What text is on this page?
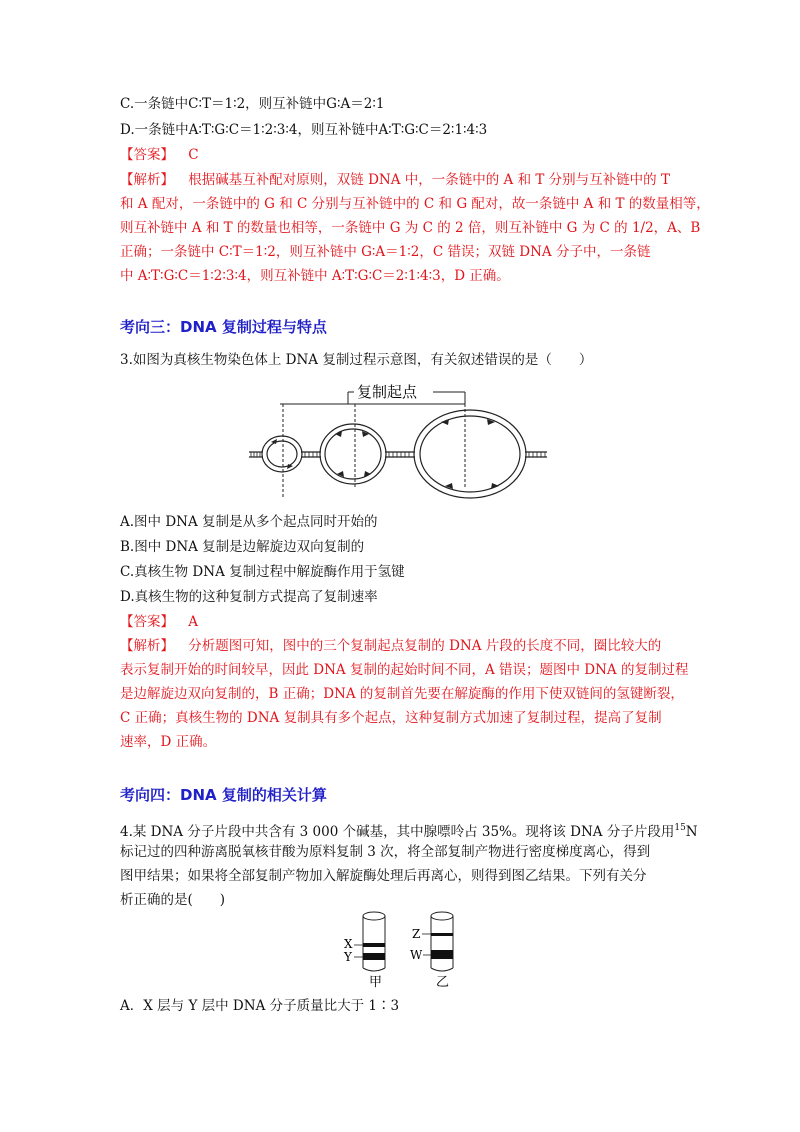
C.一条链中C∶T＝1∶2，则互补链中G∶A＝2∶1
D.一条链中A∶T∶G∶C＝1∶2∶3∶4，则互补链中A∶T∶G∶C＝2∶1∶4∶3
【答案】 C
【解析】 根据碱基互补配对原则，双链 DNA 中，一条链中的 A 和 T 分别与互补链中的 T
和 A 配对，一条链中的 G 和 C 分别与互补链中的 C 和 G 配对，故一条链中 A 和 T 的数量相等，
则互补链中 A 和 T 的数量也相等，一条链中 G 为 C 的 2 倍，则互补链中 G 为 C 的 1/2，A、B
正确；一条链中 C∶T＝1∶2，则互补链中 G∶A＝1∶2，C 错误；双链 DNA 分子中，一条链
中 A∶T∶G∶C＝1∶2∶3∶4，则互补链中 A∶T∶G∶C＝2∶1∶4∶3，D 正确。
考向三：DNA 复制过程与特点
3.如图为真核生物染色体上 DNA 复制过程示意图，有关叙述错误的是（　　）
复制起点
A.图中 DNA 复制是从多个起点同时开始的
B.图中 DNA 复制是边解旋边双向复制的
C.真核生物 DNA 复制过程中解旋酶作用于氢键
D.真核生物的这种复制方式提高了复制速率
【答案】 A
【解析】 分析题图可知，图中的三个复制起点复制的 DNA 片段的长度不同，圈比较大的
表示复制开始的时间较早，因此 DNA 复制的起始时间不同，A 错误；题图中 DNA 的复制过程
是边解旋边双向复制的，B 正确；DNA 的复制首先要在解旋酶的作用下使双链间的氢键断裂，
C 正确；真核生物的 DNA 复制具有多个起点，这种复制方式加速了复制过程，提高了复制
速率，D 正确。
考向四：DNA 复制的相关计算
4.某 DNA 分子片段中共含有 3 000 个碱基，其中腺嘌呤占 35%。现将该 DNA 分子片段用$^{15}$N
标记过的四种游离脱氧核苷酸为原料复制 3 次，将全部复制产物进行密度梯度离心，得到
图甲结果；如果将全部复制产物加入解旋酶处理后再离心，则得到图乙结果。下列有关分
析正确的是(　　)
X
Y
甲
Z
W
乙
A．X 层与 Y 层中 DNA 分子质量比大于 1∶3
